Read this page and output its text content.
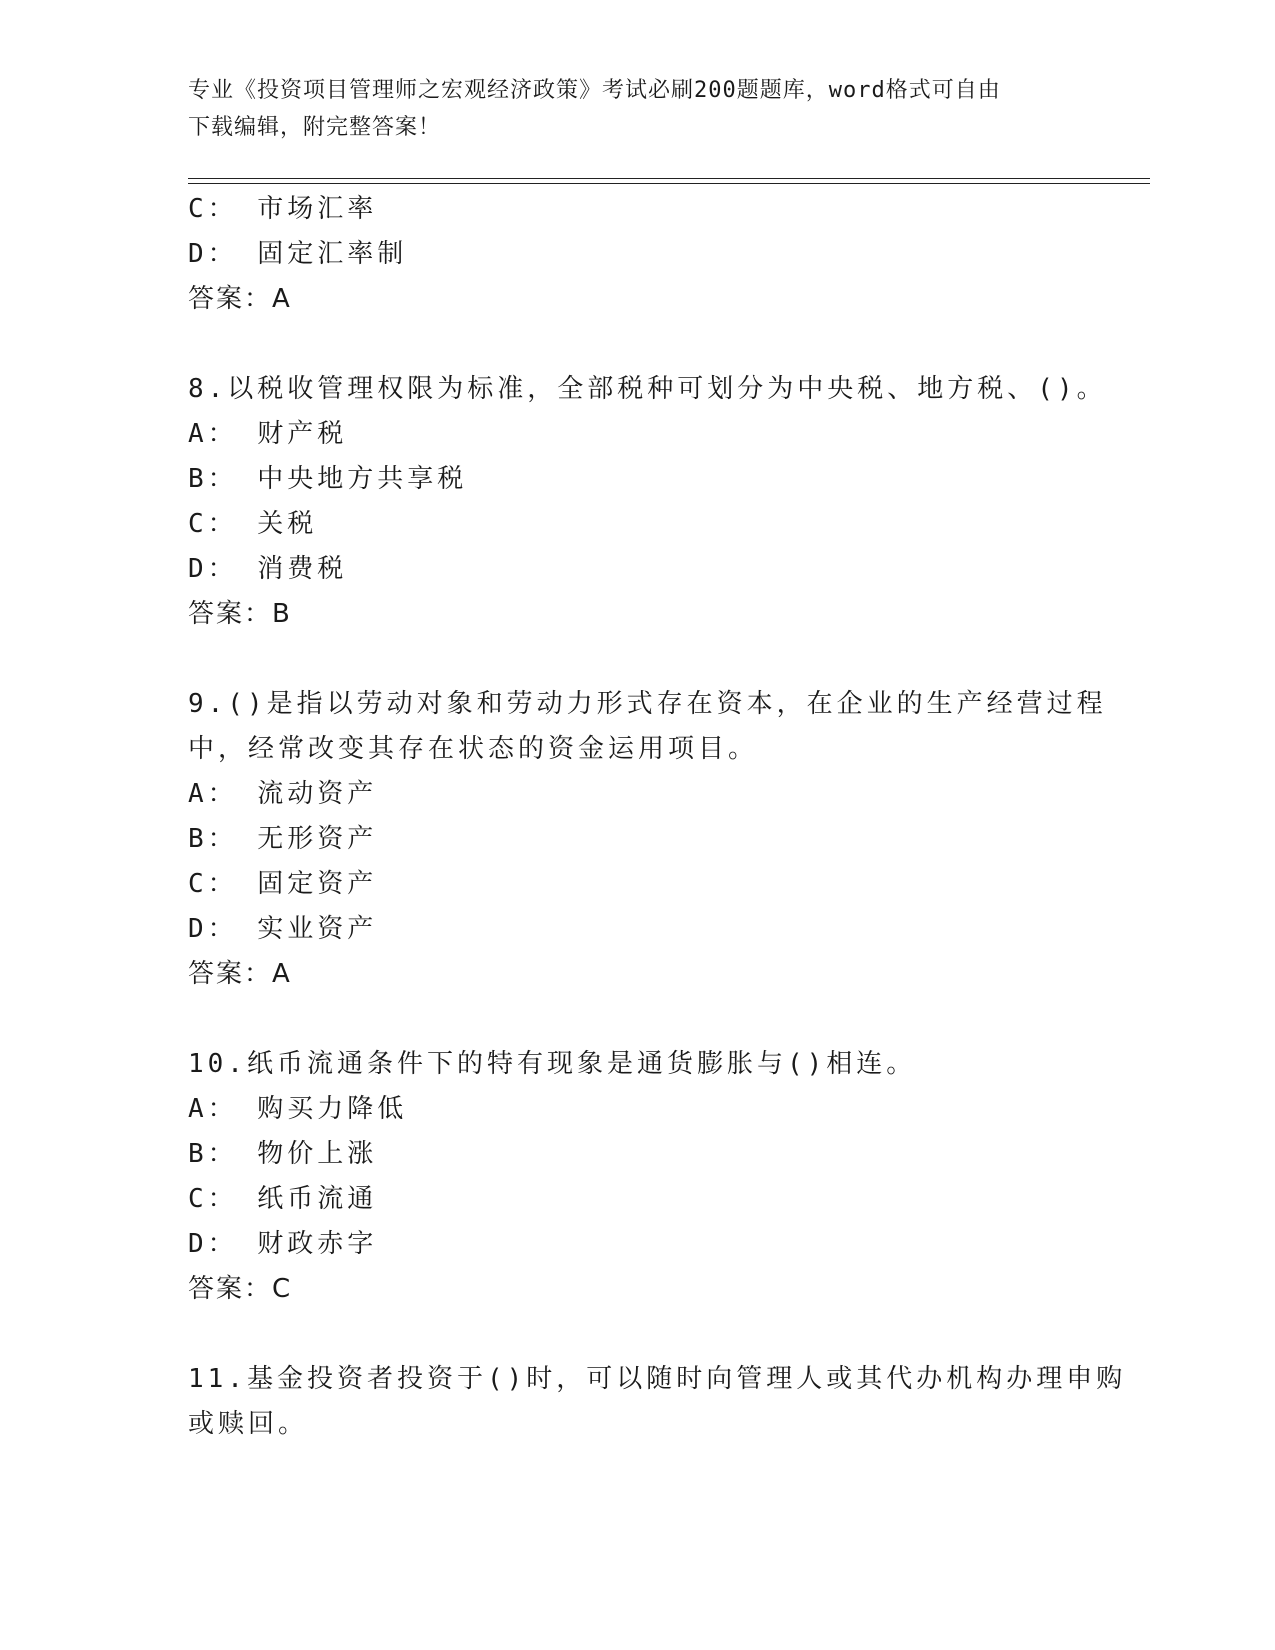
专业《投资项目管理师之宏观经济政策》考试必刷200题题库，word格式可自由
下载编辑，附完整答案！
C： 市场汇率
D： 固定汇率制
答案：A
8.以税收管理权限为标准，全部税种可划分为中央税、地方税、()。
A： 财产税
B： 中央地方共享税
C： 关税
D： 消费税
答案：B
9.()是指以劳动对象和劳动力形式存在资本，在企业的生产经营过程
中，经常改变其存在状态的资金运用项目。
A： 流动资产
B： 无形资产
C： 固定资产
D： 实业资产
答案：A
10.纸币流通条件下的特有现象是通货膨胀与()相连。
A： 购买力降低
B： 物价上涨
C： 纸币流通
D： 财政赤字
答案：C
11.基金投资者投资于()时，可以随时向管理人或其代办机构办理申购
或赎回。
